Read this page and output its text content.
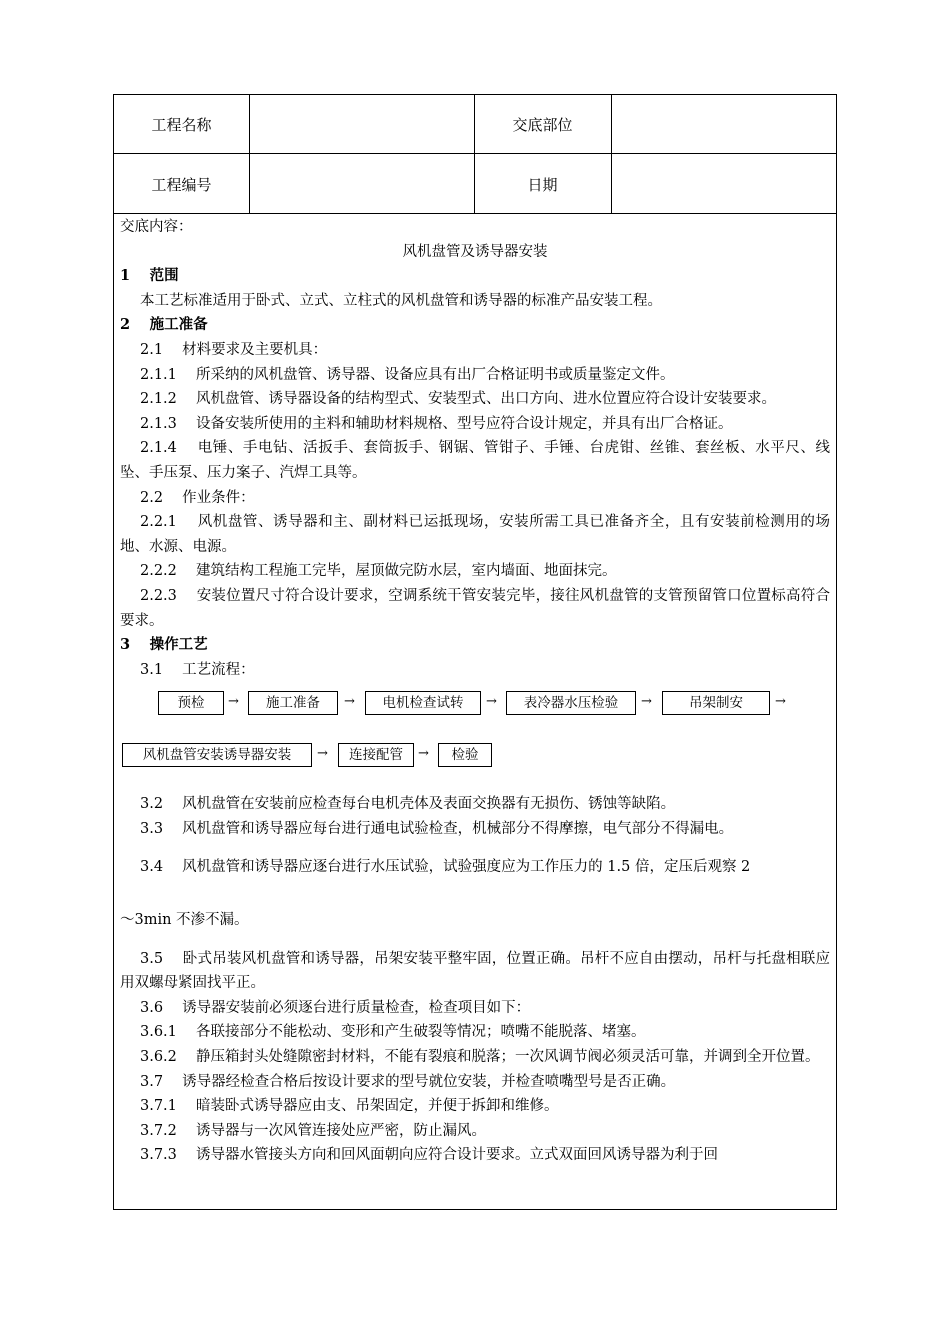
工程名称	交底部位
工程编号	日期
交底内容：
风机盘管及诱导器安装
1　 范围
本工艺标准适用于卧式、立式、立柱式的风机盘管和诱导器的标准产品安装工程。
2　 施工准备
2.1　 材料要求及主要机具：
2.1.1　 所采纳的风机盘管、诱导器、设备应具有出厂合格证明书或质量鉴定文件。
2.1.2　 风机盘管、诱导器设备的结构型式、安装型式、出口方向、进水位置应符合设计安装要求。
2.1.3　 设备安装所使用的主料和辅助材料规格、型号应符合设计规定，并具有出厂合格证。
2.1.4　 电锤、手电钻、活扳手、套筒扳手、钢锯、管钳子、手锤、台虎钳、丝锥、套丝板、水平尺、线坠、手压泵、压力案子、汽焊工具等。
2.2　 作业条件：
2.2.1　 风机盘管、诱导器和主、副材料已运抵现场，安装所需工具已准备齐全，且有安装前检测用的场地、水源、电源。
2.2.2　 建筑结构工程施工完毕，屋顶做完防水层，室内墙面、地面抹完。
2.2.3　 安装位置尺寸符合设计要求，空调系统干管安装完毕，接往风机盘管的支管预留管口位置标高符合要求。
3　 操作工艺
3.1　 工艺流程：
预检	→	施工准备	→	电机检查试转	→	表冷器水压检验	→	吊架制安	→
风机盘管安装诱导器安装	→	连接配管	→	检验
3.2　 风机盘管在安装前应检查每台电机壳体及表面交换器有无损伤、锈蚀等缺陷。
3.3　 风机盘管和诱导器应每台进行通电试验检查，机械部分不得摩擦，电气部分不得漏电。
3.4　 风机盘管和诱导器应逐台进行水压试验，试验强度应为工作压力的 1.5 倍，定压后观察 2
～3min 不渗不漏。
3.5　 卧式吊装风机盘管和诱导器，吊架安装平整牢固，位置正确。吊杆不应自由摆动，吊杆与托盘相联应用双螺母紧固找平正。
3.6　 诱导器安装前必须逐台进行质量检查，检查项目如下：
3.6.1　 各联接部分不能松动、变形和产生破裂等情况；喷嘴不能脱落、堵塞。
3.6.2　 静压箱封头处缝隙密封材料，不能有裂痕和脱落；一次风调节阀必须灵活可靠，并调到全开位置。
3.7　 诱导器经检查合格后按设计要求的型号就位安装，并检查喷嘴型号是否正确。
3.7.1　 暗装卧式诱导器应由支、吊架固定，并便于拆卸和维修。
3.7.2　 诱导器与一次风管连接处应严密，防止漏风。
3.7.3　 诱导器水管接头方向和回风面朝向应符合设计要求。立式双面回风诱导器为利于回
